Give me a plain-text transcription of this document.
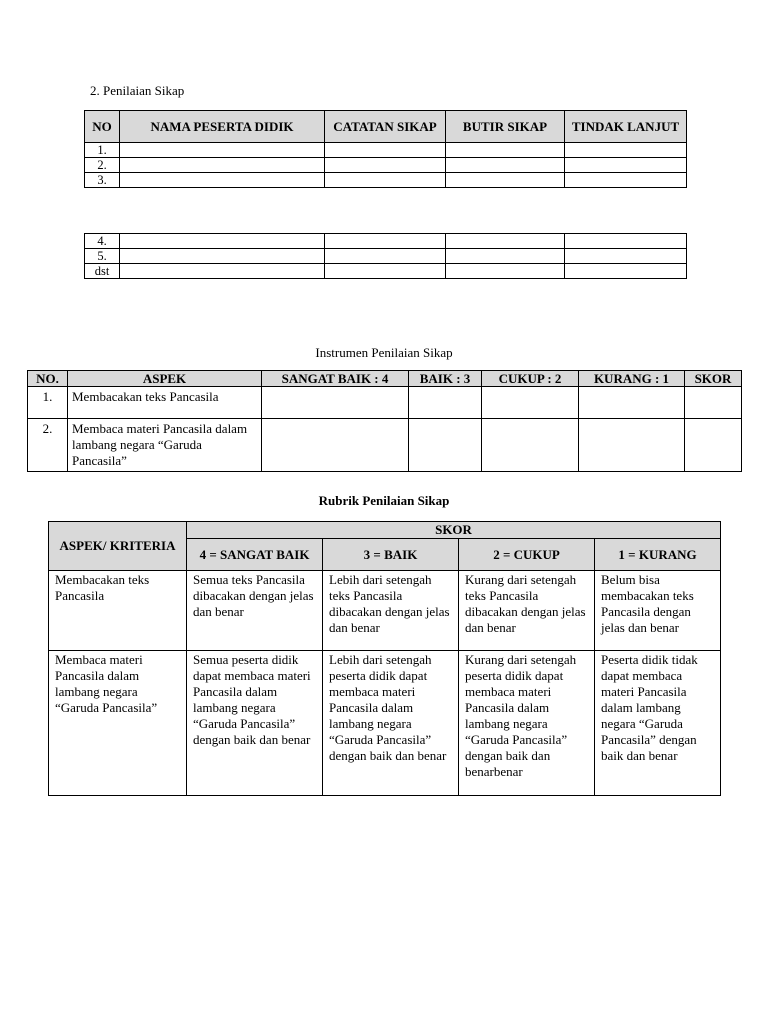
2. Penilaian Sikap
NO	NAMA PESERTA DIDIK	CATATAN SIKAP	BUTIR SIKAP	TINDAK LANJUT
1.				
2.				
3.				
4.				
5.				
dst				
Instrumen Penilaian Sikap
NO.	ASPEK	SANGAT BAIK : 4	BAIK : 3	CUKUP : 2	KURANG : 1	SKOR
1.	Membacakan teks Pancasila					
2.	Membaca materi Pancasila dalam lambang negara “Garuda Pancasila”					
Rubrik Penilaian Sikap
ASPEK/ KRITERIA	SKOR			
	4 = SANGAT BAIK	3 = BAIK	2 = CUKUP	1 = KURANG
Membacakan teks Pancasila	Semua teks Pancasila dibacakan dengan jelas dan benar	Lebih dari setengah teks Pancasila dibacakan dengan jelas dan benar	Kurang dari setengah teks Pancasila dibacakan dengan jelas dan benar	Belum bisa membacakan teks Pancasila dengan jelas dan benar
Membaca materi Pancasila dalam lambang negara “Garuda Pancasila”	Semua peserta didik dapat membaca materi Pancasila dalam lambang negara “Garuda Pancasila” dengan baik dan benar	Lebih dari setengah peserta didik dapat membaca materi Pancasila dalam lambang negara “Garuda Pancasila” dengan baik dan benar	Kurang dari setengah peserta didik dapat membaca materi Pancasila dalam lambang negara “Garuda Pancasila” dengan baik dan benarbenar	Peserta didik tidak dapat membaca materi Pancasila dalam lambang negara “Garuda Pancasila” dengan baik dan benar
